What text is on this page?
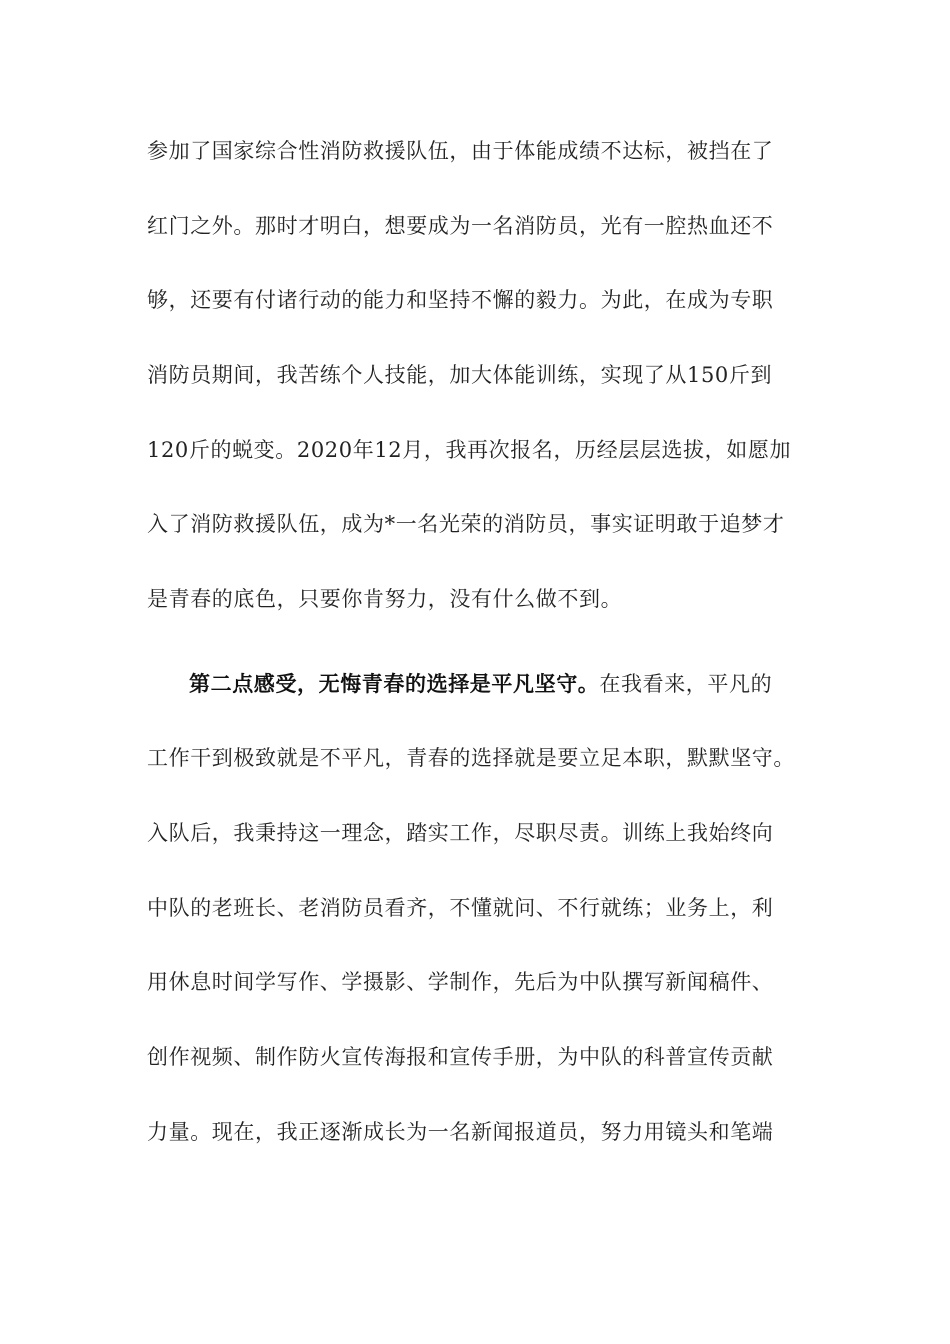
参加了国家综合性消防救援队伍，由于体能成绩不达标，被挡在了
红门之外。那时才明白，想要成为一名消防员，光有一腔热血还不
够，还要有付诸行动的能力和坚持不懈的毅力。为此，在成为专职
消防员期间，我苦练个人技能，加大体能训练，实现了从150斤到
120斤的蜕变。2020年12月，我再次报名，历经层层选拔，如愿加
入了消防救援队伍，成为*一名光荣的消防员，事实证明敢于追梦才
是青春的底色，只要你肯努力，没有什么做不到。
第二点感受，无悔青春的选择是平凡坚守。在我看来，平凡的
工作干到极致就是不平凡，青春的选择就是要立足本职，默默坚守。
入队后，我秉持这一理念，踏实工作，尽职尽责。训练上我始终向
中队的老班长、老消防员看齐，不懂就问、不行就练；业务上，利
用休息时间学写作、学摄影、学制作，先后为中队撰写新闻稿件、
创作视频、制作防火宣传海报和宣传手册，为中队的科普宣传贡献
力量。现在，我正逐渐成长为一名新闻报道员，努力用镜头和笔端
